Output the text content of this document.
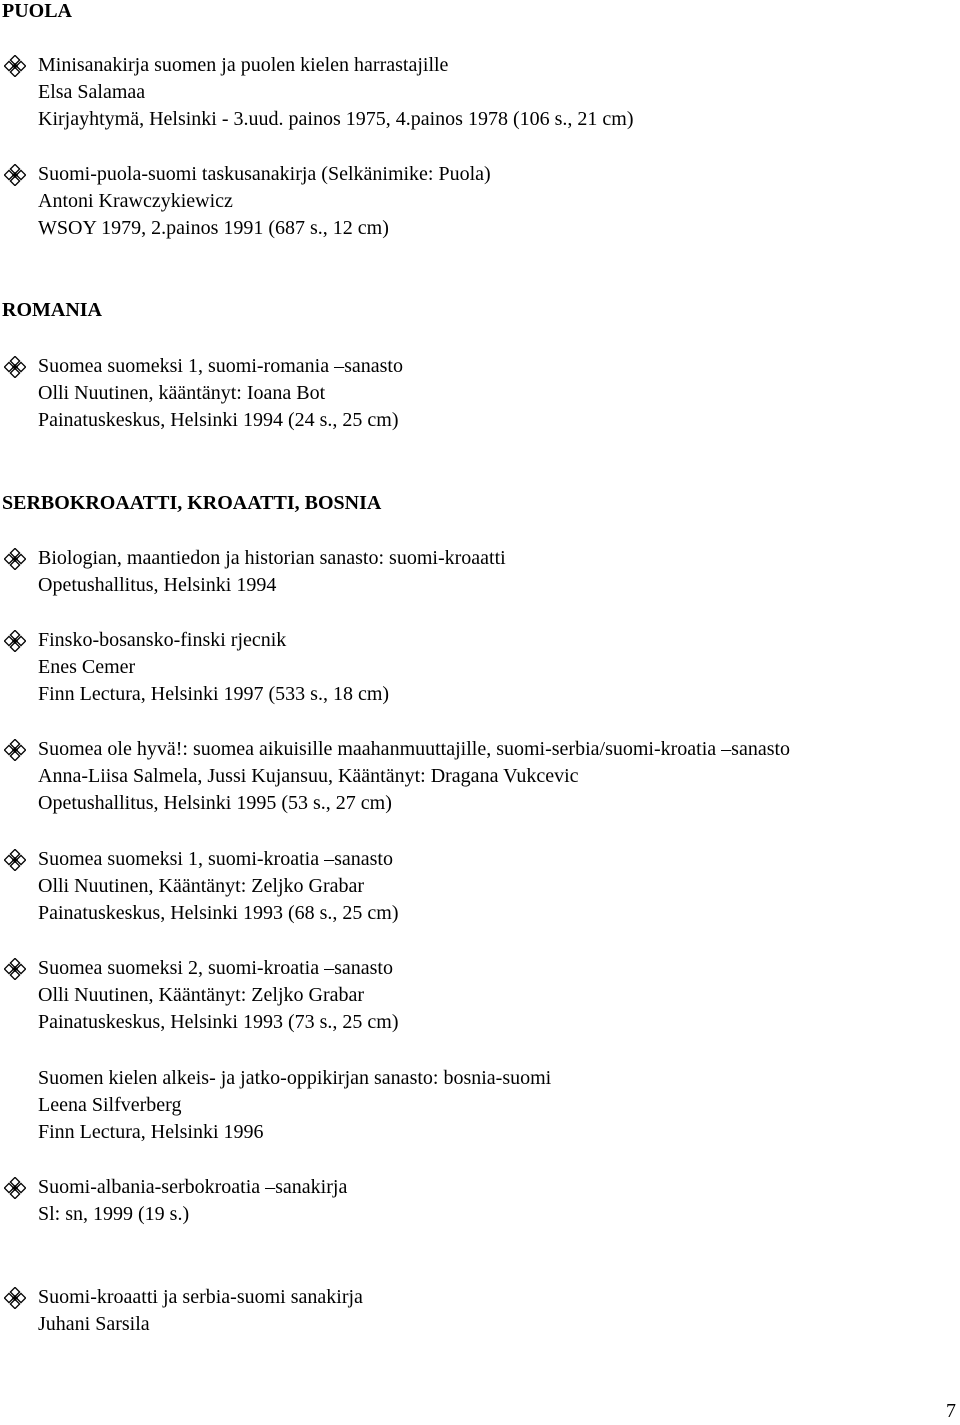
PUOLA
Minisanakirja suomen ja puolen kielen harrastajille
Elsa Salamaa
Kirjayhtymä, Helsinki - 3.uud. painos 1975, 4.painos 1978 (106 s., 21 cm)
Suomi-puola-suomi taskusanakirja (Selkänimike: Puola)
Antoni Krawczykiewicz
WSOY 1979, 2.painos 1991 (687 s., 12 cm)
ROMANIA
Suomea suomeksi 1, suomi-romania –sanasto
Olli Nuutinen, kääntänyt: Ioana Bot
Painatuskeskus, Helsinki 1994 (24 s., 25 cm)
SERBOKROAATTI, KROAATTI, BOSNIA
Biologian, maantiedon ja historian sanasto: suomi-kroaatti
Opetushallitus, Helsinki 1994
Finsko-bosansko-finski rjecnik
Enes Cemer
Finn Lectura, Helsinki 1997 (533 s., 18 cm)
Suomea ole hyvä!: suomea aikuisille maahanmuuttajille, suomi-serbia/suomi-kroatia –sanasto
Anna-Liisa Salmela, Jussi Kujansuu, Kääntänyt: Dragana Vukcevic
Opetushallitus, Helsinki 1995 (53 s., 27 cm)
Suomea suomeksi 1, suomi-kroatia –sanasto
Olli Nuutinen, Kääntänyt: Zeljko Grabar
Painatuskeskus, Helsinki 1993 (68 s., 25 cm)
Suomea suomeksi 2, suomi-kroatia –sanasto
Olli Nuutinen, Kääntänyt: Zeljko Grabar
Painatuskeskus, Helsinki 1993 (73 s., 25 cm)
Suomen kielen alkeis- ja jatko-oppikirjan sanasto: bosnia-suomi
Leena Silfverberg
Finn Lectura, Helsinki 1996
Suomi-albania-serbokroatia –sanakirja
Sl: sn, 1999 (19 s.)
Suomi-kroaatti ja serbia-suomi sanakirja
Juhani Sarsila
7
